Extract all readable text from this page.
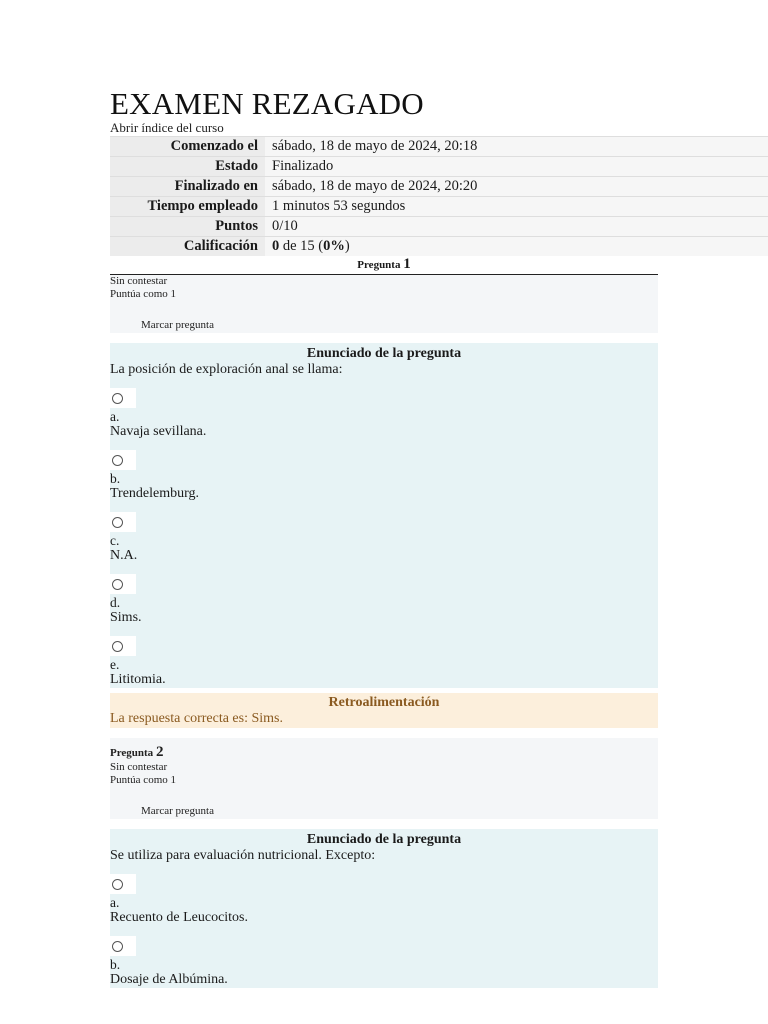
EXAMEN REZAGADO
Abrir índice del curso
Comenzado el	sábado, 18 de mayo de 2024, 20:18
Estado	Finalizado
Finalizado en	sábado, 18 de mayo de 2024, 20:20
Tiempo empleado	1 minutos 53 segundos
Puntos	0/10
Calificación	0 de 15 (0%)
Pregunta 1
Sin contestar
Puntúa como 1
Marcar pregunta
Enunciado de la pregunta
La posición de exploración anal se llama:
a.
Navaja sevillana.
b.
Trendelemburg.
c.
N.A.
d.
Sims.
e.
Lititomia.
Retroalimentación
La respuesta correcta es: Sims.
Pregunta 2
Sin contestar
Puntúa como 1
Marcar pregunta
Enunciado de la pregunta
Se utiliza para evaluación nutricional. Excepto:
a.
Recuento de Leucocitos.
b.
Dosaje de Albúmina.
